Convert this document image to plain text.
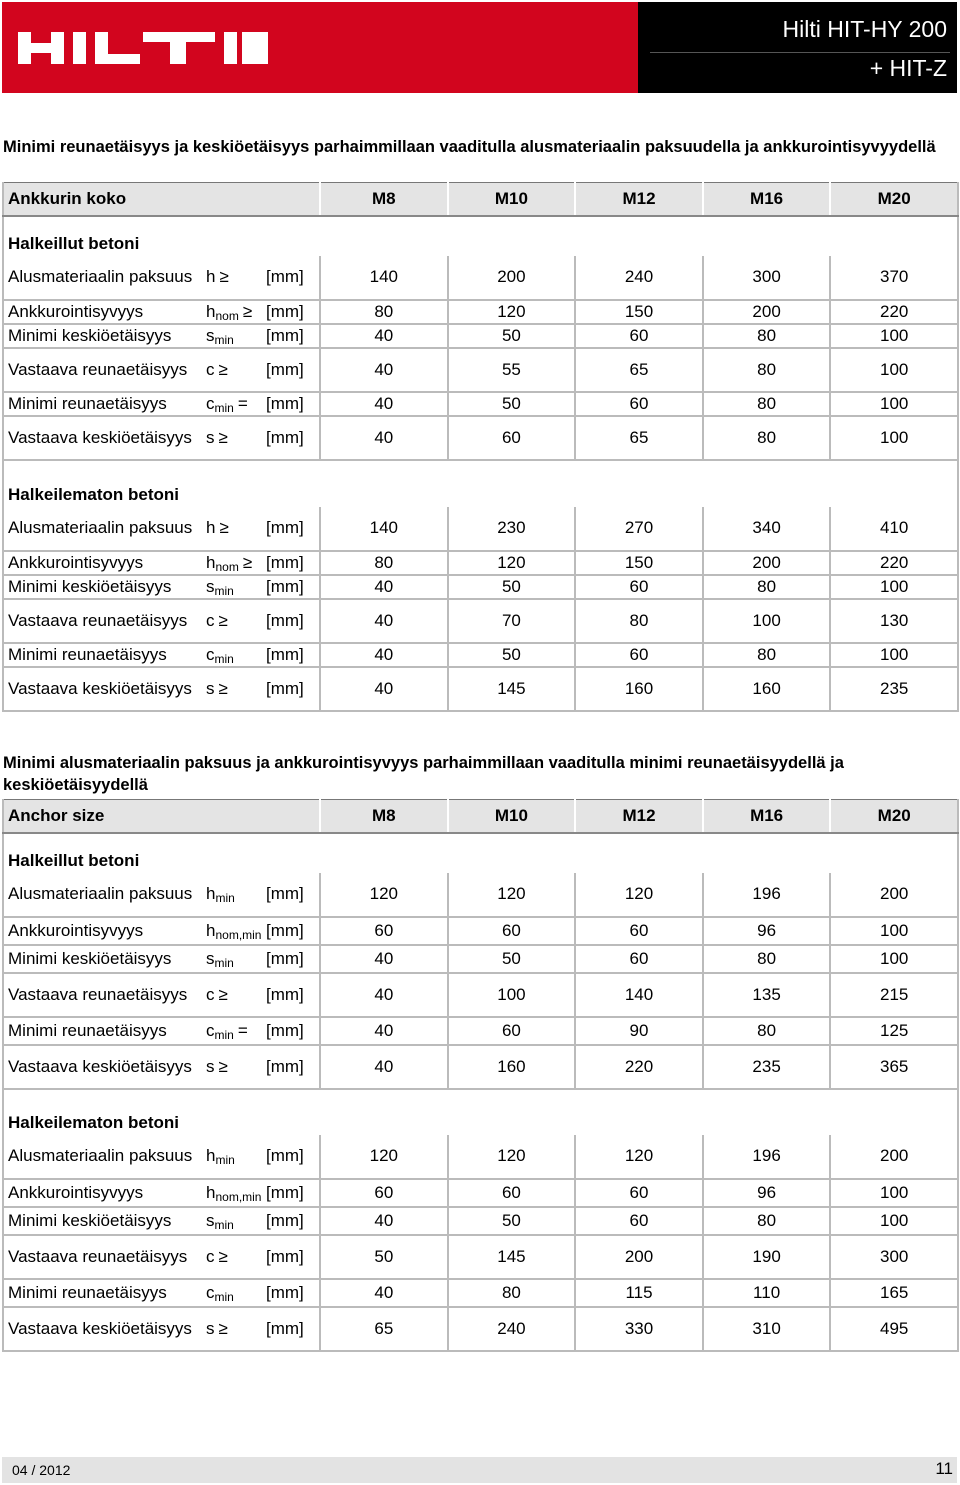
Hilti HIT-HY 200
+ HIT-Z
Minimi reunaetäisyys ja keskiöetäisyys parhaimmillaan vaaditulla alusmateriaalin paksuudella ja ankkurointisyvyydellä
Ankkurin koko			M8	M10	M12	M16	M20
Halkeillut betoni							
Alusmateriaalin paksuus	h ≥	[mm]	140	200	240	300	370
Ankkurointisyvyys	$h_{nom}$ ≥	[mm]	80	120	150	200	220
Minimi keskiöetäisyys	$s_{min}$	[mm]	40	50	60	80	100
Vastaava reunaetäisyys	c ≥	[mm]	40	55	65	80	100
Minimi reunaetäisyys	$c_{min}$ =	[mm]	40	50	60	80	100
Vastaava keskiöetäisyys	s ≥	[mm]	40	60	65	80	100
Halkeilematon betoni							
Alusmateriaalin paksuus	h ≥	[mm]	140	230	270	340	410
Ankkurointisyvyys	$h_{nom}$ ≥	[mm]	80	120	150	200	220
Minimi keskiöetäisyys	$s_{min}$	[mm]	40	50	60	80	100
Vastaava reunaetäisyys	c ≥	[mm]	40	70	80	100	130
Minimi reunaetäisyys	$c_{min}$	[mm]	40	50	60	80	100
Vastaava keskiöetäisyys	s ≥	[mm]	40	145	160	160	235
Minimi alusmateriaalin paksuus ja ankkurointisyvyys parhaimmillaan vaaditulla minimi reunaetäisyydellä ja keskiöetäisyydellä
Anchor size			M8	M10	M12	M16	M20
Halkeillut betoni							
Alusmateriaalin paksuus	$h_{min}$	[mm]	120	120	120	196	200
Ankkurointisyvyys	$h_{nom,min}$	[mm]	60	60	60	96	100
Minimi keskiöetäisyys	$s_{min}$	[mm]	40	50	60	80	100
Vastaava reunaetäisyys	c ≥	[mm]	40	100	140	135	215
Minimi reunaetäisyys	$c_{min}$ =	[mm]	40	60	90	80	125
Vastaava keskiöetäisyys	s ≥	[mm]	40	160	220	235	365
Halkeilematon betoni							
Alusmateriaalin paksuus	$h_{min}$	[mm]	120	120	120	196	200
Ankkurointisyvyys	$h_{nom,min}$	[mm]	60	60	60	96	100
Minimi keskiöetäisyys	$s_{min}$	[mm]	40	50	60	80	100
Vastaava reunaetäisyys	c ≥	[mm]	50	145	200	190	300
Minimi reunaetäisyys	$c_{min}$	[mm]	40	80	115	110	165
Vastaava keskiöetäisyys	s ≥	[mm]	65	240	330	310	495
04 / 2012	11
